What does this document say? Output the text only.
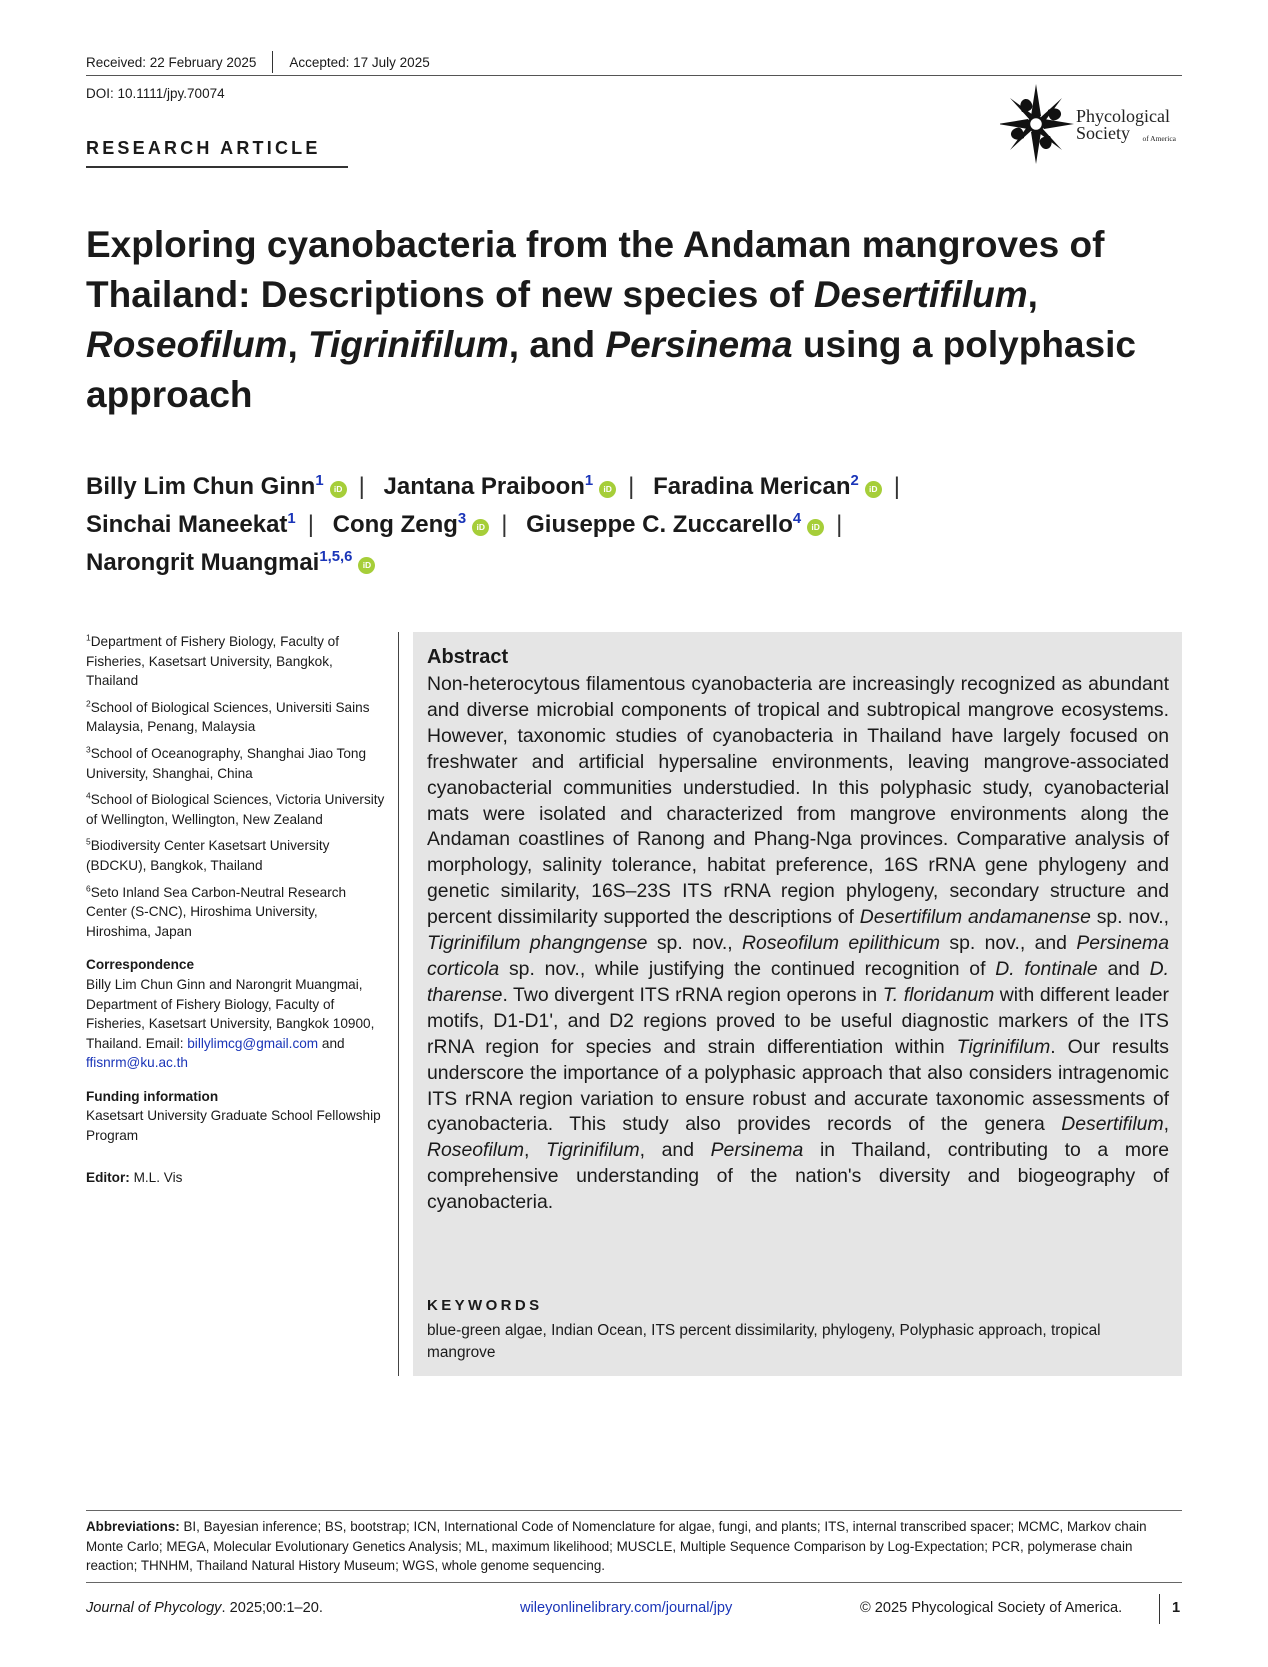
Received: 22 February 2025 Accepted: 17 July 2025
DOI: 10.1111/jpy.70074
RESEARCH ARTICLE
Phycological
Society	of America
Exploring cyanobacteria from the Andaman mangroves of Thailand: Descriptions of new species of Desertifilum, Roseofilum, Tigrinifilum, and Persinema using a polyphasic approach
Billy Lim Chun Ginn$^1$ iD | Jantana Praiboon$^1$ iD | Faradina Merican$^2$ iD |
Sinchai Maneekat$^1$ | Cong Zeng$^3$ iD | Giuseppe C. Zuccarello$^4$ iD |
Narongrit Muangmai$^{1,5,6}$ iD
$^1$Department of Fishery Biology, Faculty of Fisheries, Kasetsart University, Bangkok, Thailand
$^2$School of Biological Sciences, Universiti Sains Malaysia, Penang, Malaysia
$^3$School of Oceanography, Shanghai Jiao Tong University, Shanghai, China
$^4$School of Biological Sciences, Victoria University of Wellington, Wellington, New Zealand
$^5$Biodiversity Center Kasetsart University (BDCKU), Bangkok, Thailand
$^6$Seto Inland Sea Carbon-Neutral Research Center (S-CNC), Hiroshima University, Hiroshima, Japan
Correspondence
Billy Lim Chun Ginn and Narongrit Muangmai, Department of Fishery Biology, Faculty of Fisheries, Kasetsart University, Bangkok 10900, Thailand. Email: billylimcg@gmail.com and ffisnrm@ku.ac.th
Funding information
Kasetsart University Graduate School Fellowship Program
Editor: M.L. Vis
Abstract
Non-heterocytous filamentous cyanobacteria are increasingly recognized as abundant and diverse microbial components of tropical and subtropical mangrove ecosystems. However, taxonomic studies of cyanobacteria in Thailand have largely focused on freshwater and artificial hypersaline environments, leaving mangrove-associated cyanobacterial communities understudied. In this polyphasic study, cyanobacterial mats were isolated and characterized from mangrove environments along the Andaman coastlines of Ranong and Phang-Nga provinces. Comparative analysis of morphology, salinity tolerance, habitat preference, 16S rRNA gene phylogeny and genetic similarity, 16S–23S ITS rRNA region phylogeny, secondary structure and percent dissimilarity supported the descriptions of Desertifilum andamanense sp. nov., Tigrinifilum phangngense sp. nov., Roseofilum epilithicum sp. nov., and Persinema corticola sp. nov., while justifying the continued recognition of D. fontinale and D. tharense. Two divergent ITS rRNA region operons in T. floridanum with different leader motifs, D1-D1', and D2 regions proved to be useful diagnostic markers of the ITS rRNA region for species and strain differentiation within Tigrinifilum. Our results underscore the importance of a polyphasic approach that also considers intragenomic ITS rRNA region variation to ensure robust and accurate taxonomic assessments of cyanobacteria. This study also provides records of the genera Desertifilum, Roseofilum, Tigrinifilum, and Persinema in Thailand, contributing to a more comprehensive understanding of the nation's diversity and biogeography of cyanobacteria.
KEYWORDS
blue-green algae, Indian Ocean, ITS percent dissimilarity, phylogeny, Polyphasic approach, tropical mangrove
Abbreviations: BI, Bayesian inference; BS, bootstrap; ICN, International Code of Nomenclature for algae, fungi, and plants; ITS, internal transcribed spacer; MCMC, Markov chain Monte Carlo; MEGA, Molecular Evolutionary Genetics Analysis; ML, maximum likelihood; MUSCLE, Multiple Sequence Comparison by Log-Expectation; PCR, polymerase chain reaction; THNHM, Thailand Natural History Museum; WGS, whole genome sequencing.
Journal of Phycology. 2025;00:1–20.	wileyonlinelibrary.com/journal/jpy	© 2025 Phycological Society of America.	1
